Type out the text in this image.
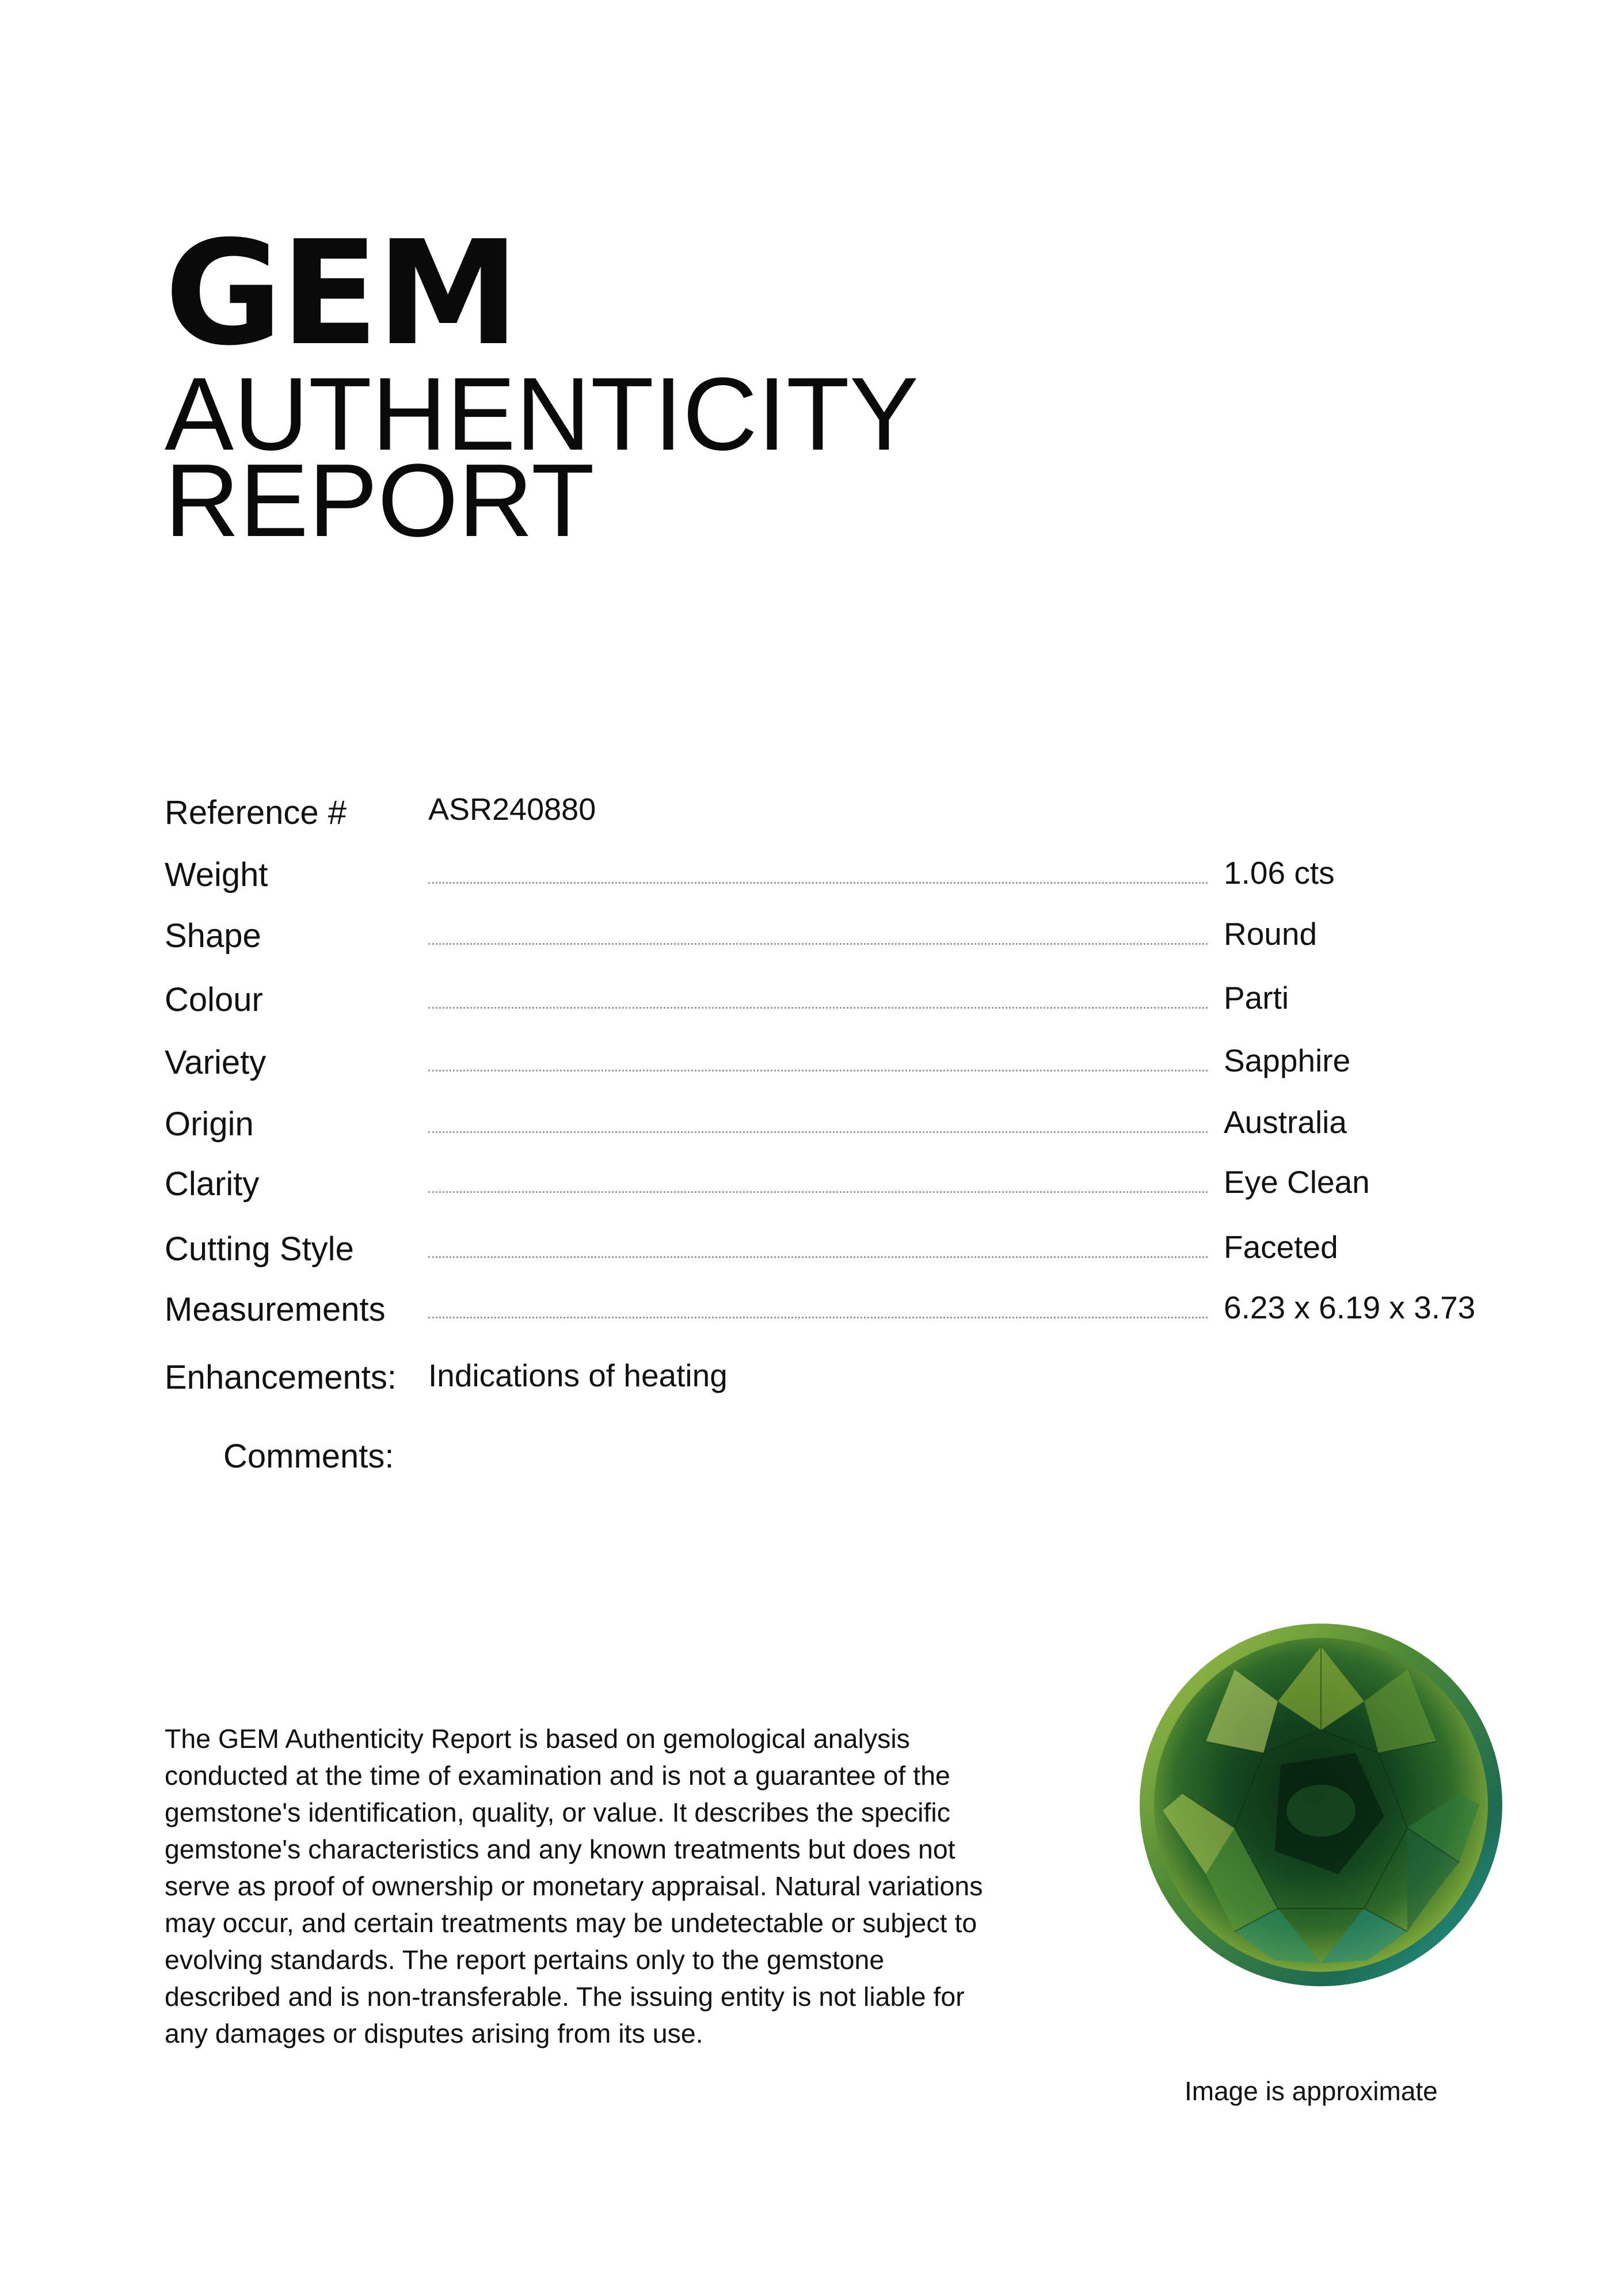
GEM
AUTHENTICITY
REPORT
Reference #	ASR240880
Weight	1.06 cts
Shape	Round
Colour	Parti
Variety	Sapphire
Origin	Australia
Clarity	Eye Clean
Cutting Style	Faceted
Measurements	6.23 x 6.19 x 3.73
Enhancements: Indications of heating
Comments:

The GEM Authenticity Report is based on gemological analysis conducted at the time of examination and is not a guarantee of the gemstone's identification, quality, or value. It describes the specific gemstone's characteristics and any known treatments but does not serve as proof of ownership or monetary appraisal. Natural variations may occur, and certain treatments may be undetectable or subject to evolving standards. The report pertains only to the gemstone described and is non-transferable. The issuing entity is not liable for any damages or disputes arising from its use.

Image is approximate
